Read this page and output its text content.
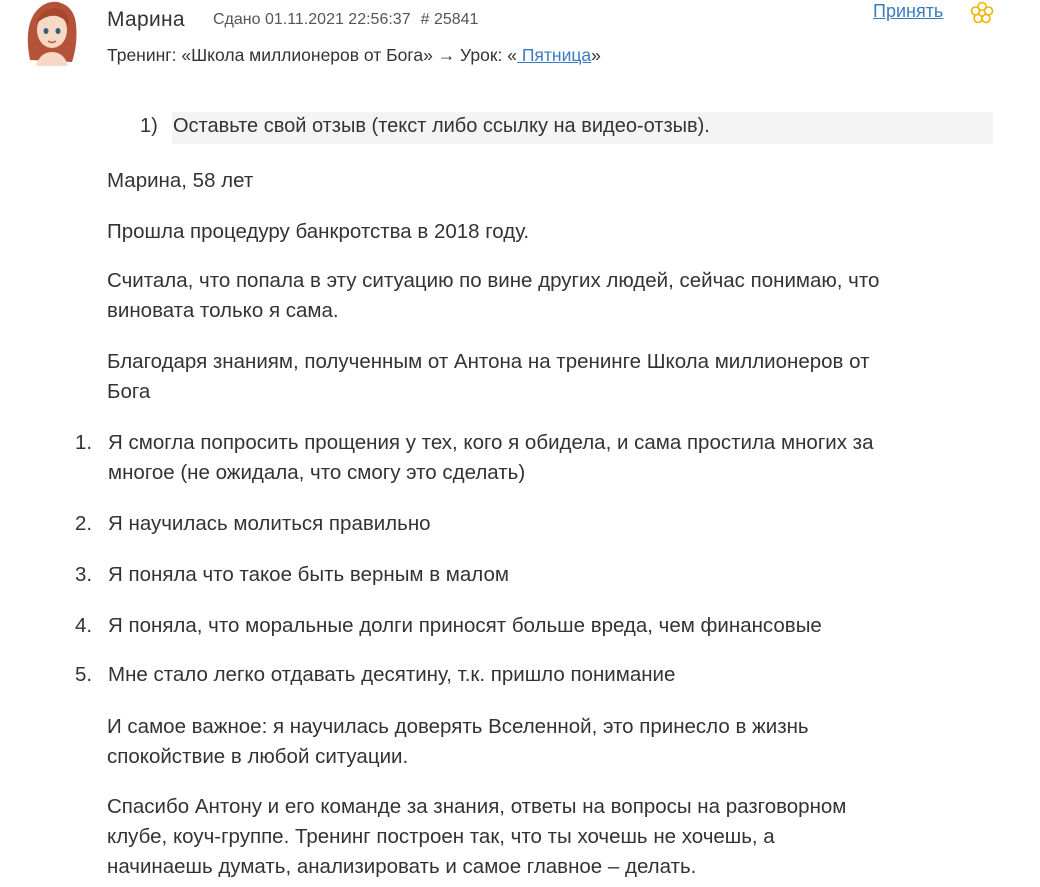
Марина Сдано 01.11.2021 22:56:37 # 25841	Принять
Тренинг: «Школа миллионеров от Бога» → Урок: « Пятница»
1) Оставьте свой отзыв (текст либо ссылку на видео-отзыв).
Марина, 58 лет
Прошла процедуру банкротства в 2018 году.
Считала, что попала в эту ситуацию по вине других людей, сейчас понимаю, что
виновата только я сама.
Благодаря знаниям, полученным от Антона на тренинге Школа миллионеров от
Бога
1. Я смогла попросить прощения у тех, кого я обидела, и сама простила многих за
многое (не ожидала, что смогу это сделать)
2. Я научилась молиться правильно
3. Я поняла что такое быть верным в малом
4. Я поняла, что моральные долги приносят больше вреда, чем финансовые
5. Мне стало легко отдавать десятину, т.к. пришло понимание
И самое важное: я научилась доверять Вселенной, это принесло в жизнь
спокойствие в любой ситуации.
Спасибо Антону и его команде за знания, ответы на вопросы на разговорном
клубе, коуч-группе. Тренинг построен так, что ты хочешь не хочешь, а
начинаешь думать, анализировать и самое главное – делать.
